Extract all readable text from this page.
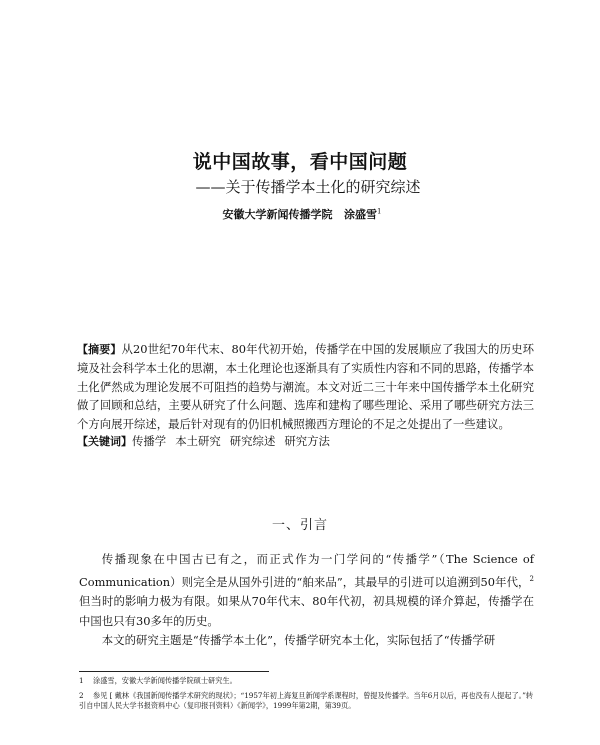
说中国故事，看中国问题
——关于传播学本土化的研究综述
安徽大学新闻传播学院 涂盛雪$^1$
【摘要】从20世纪70年代末、80年代初开始，传播学在中国的发展顺应了我国大的历史环境及社会科学本土化的思潮，本土化理论也逐渐具有了实质性内容和不同的思路，传播学本土化俨然成为理论发展不可阻挡的趋势与潮流。本文对近二三十年来中国传播学本土化研究做了回顾和总结，主要从研究了什么问题、选库和建构了哪些理论、采用了哪些研究方法三个方向展开综述，最后针对现有的仍旧机械照搬西方理论的不足之处提出了一些建议。
【关键词】传播学 本土研究 研究综述 研究方法
一、引言

传播现象在中国古已有之，而正式作为一门学问的“传播学”（The Science of Communication）则完全是从国外引进的“舶来品”，其最早的引进可以追溯到50年代，$^2$但当时的影响力极为有限。如果从70年代末、80年代初，初具规模的译介算起，传播学在中国也只有30多年的历史。

本文的研究主题是“传播学本土化”，传播学研究本土化，实际包括了“传播学研

1 涂盛雪，安徽大学新闻传播学院硕士研究生。
2 参见 [ 戴林《我国新闻传播学术研究的现状》；“1957年初上海复旦新闻学系课程时，曾提及传播学。当年6月以后，再也没有人提起了。”转引自中国人民大学书报资料中心（复印报刊资料）《新闻学》，1999年第2期，第39页。
